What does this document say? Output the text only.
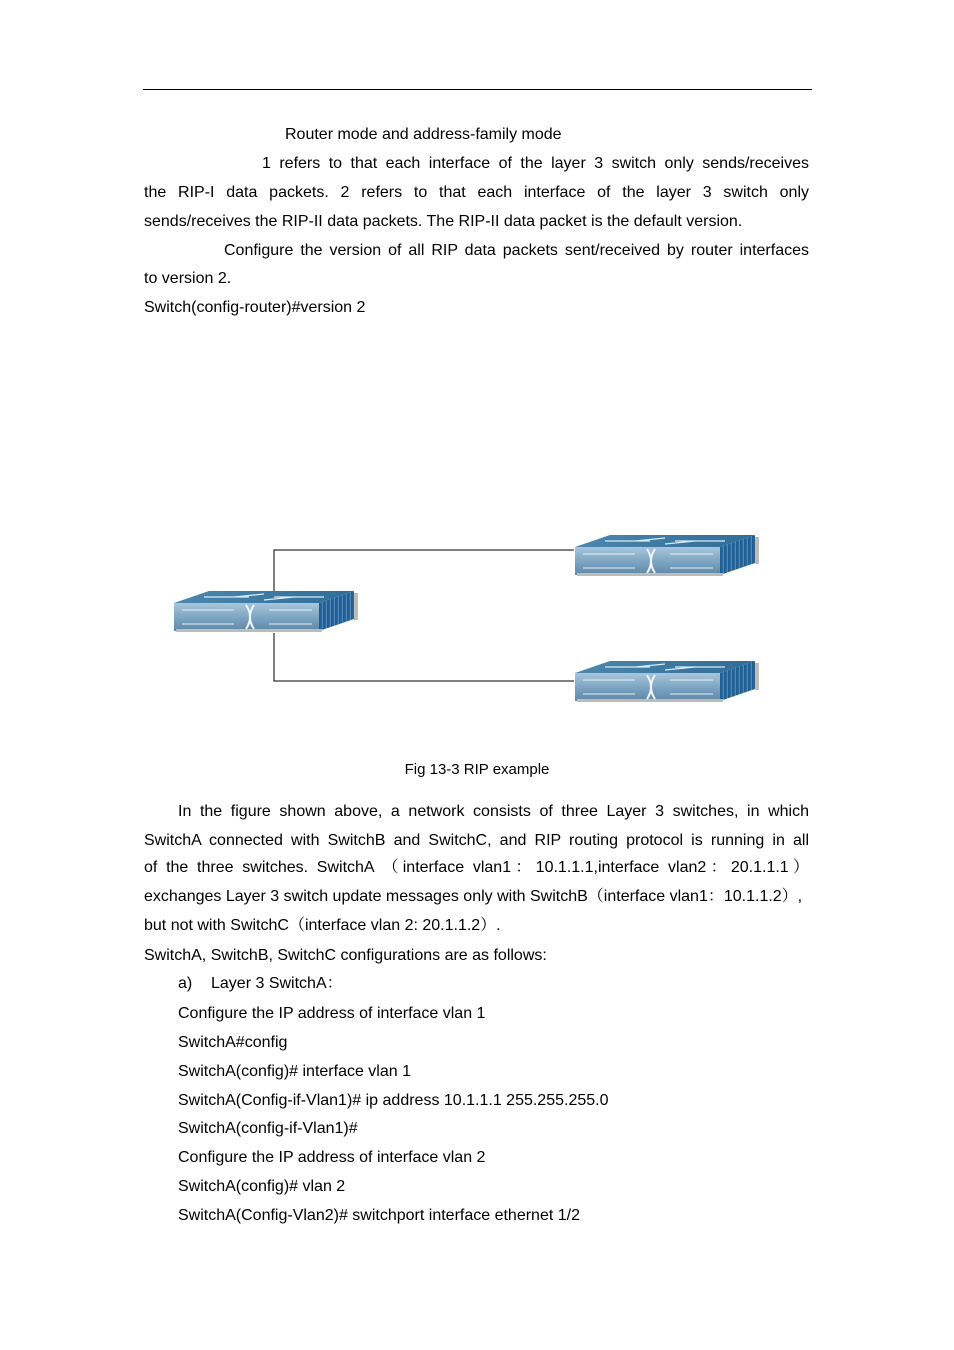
Router mode and address-family mode
1 refers to that each interface of the layer 3 switch only sends/receives
the RIP-I data packets. 2 refers to that each interface of the layer 3 switch only
sends/receives the RIP-II data packets. The RIP-II data packet is the default version.
Configure the version of all RIP data packets sent/received by router interfaces
to version 2.
Switch(config-router)#version 2
Fig 13-3 RIP example
In the figure shown above, a network consists of three Layer 3 switches, in which
SwitchA connected with SwitchB and SwitchC, and RIP routing protocol is running in all
of the three switches. SwitchA （interface vlan1：10.1.1.1,interface vlan2：20.1.1.1）
exchanges Layer 3 switch update messages only with SwitchB（interface vlan1：10.1.1.2）,
but not with SwitchC（interface vlan 2: 20.1.1.2）.
SwitchA, SwitchB, SwitchC configurations are as follows:
a) Layer 3 SwitchA：
Configure the IP address of interface vlan 1
SwitchA#config
SwitchA(config)# interface vlan 1
SwitchA(Config-if-Vlan1)# ip address 10.1.1.1 255.255.255.0
SwitchA(config-if-Vlan1)#
Configure the IP address of interface vlan 2
SwitchA(config)# vlan 2
SwitchA(Config-Vlan2)# switchport interface ethernet 1/2
